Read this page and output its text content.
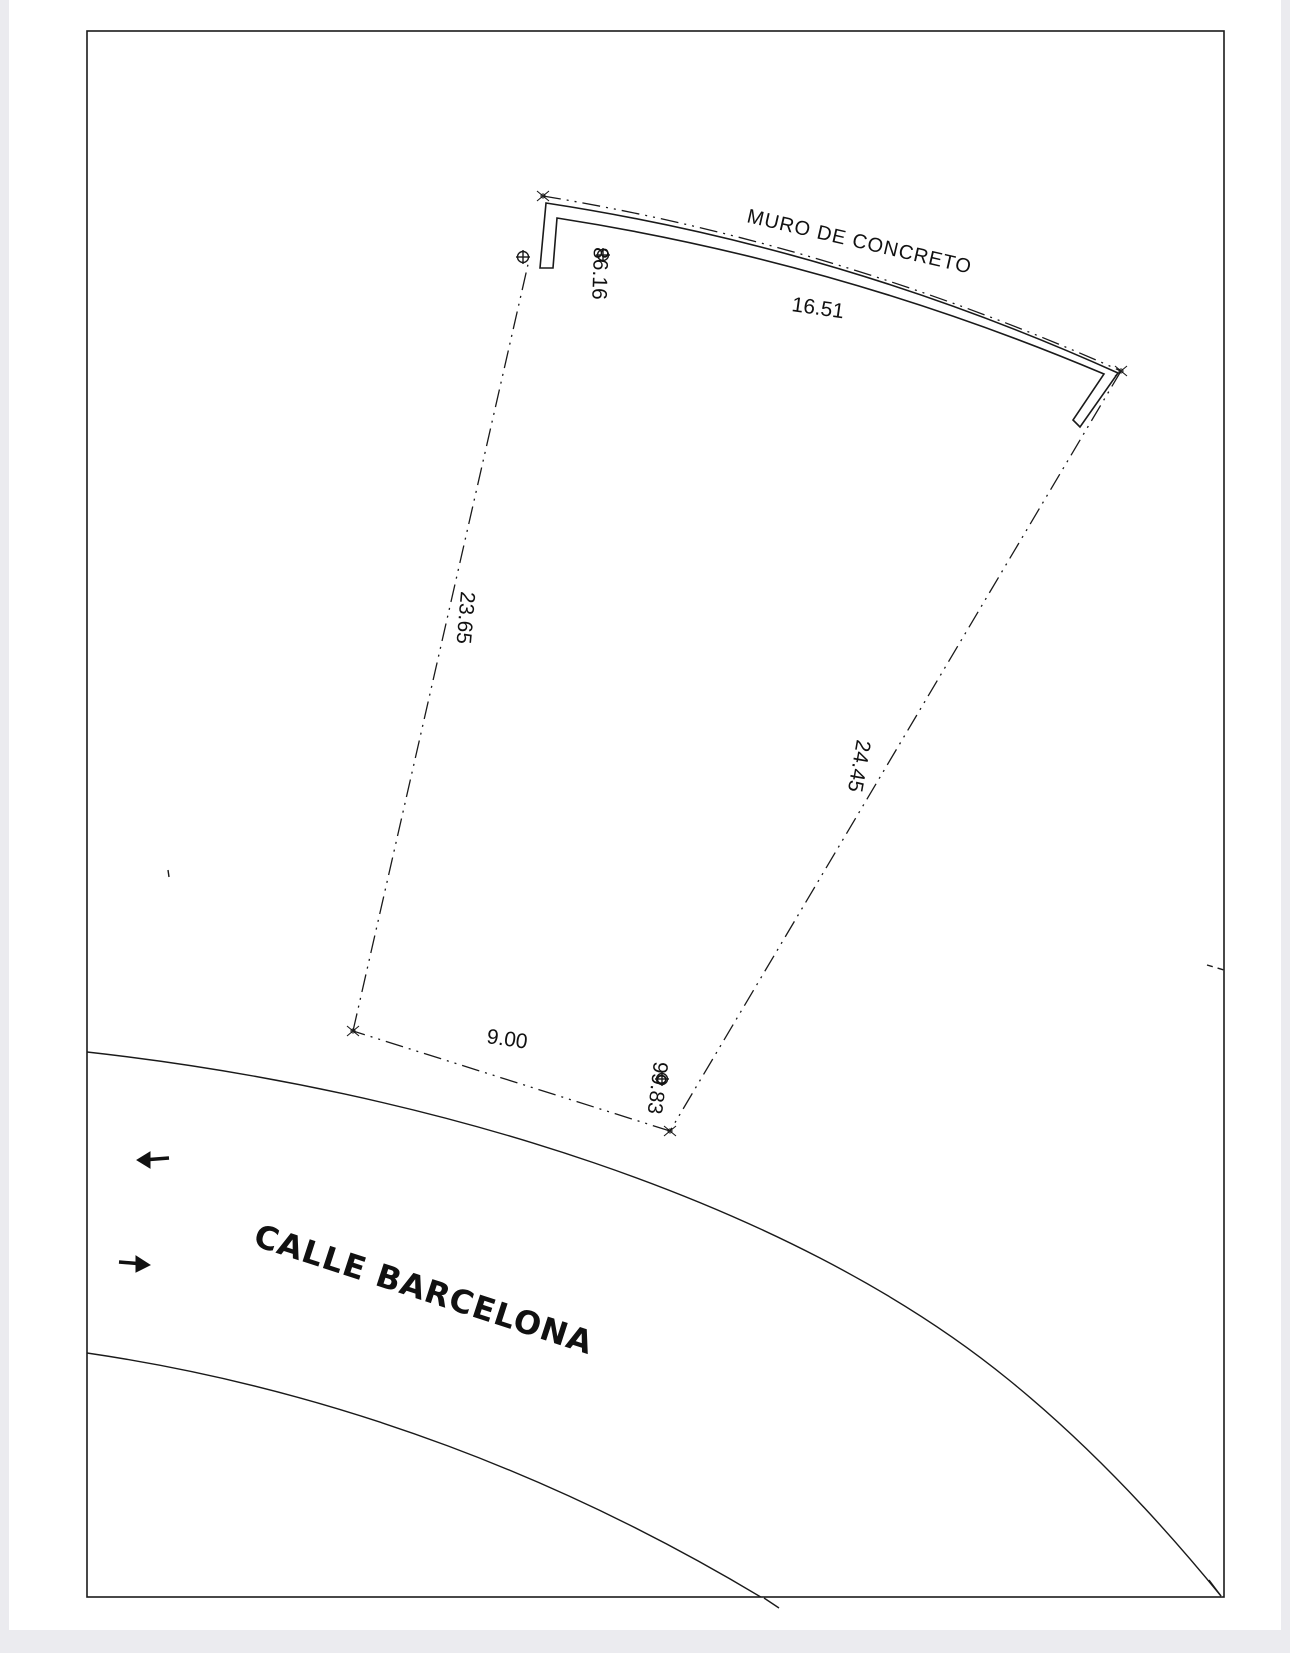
MURO DE CONCRETO
16.51
23.65
24.45
9.00
86.16
99.83
CALLE BARCELONA
